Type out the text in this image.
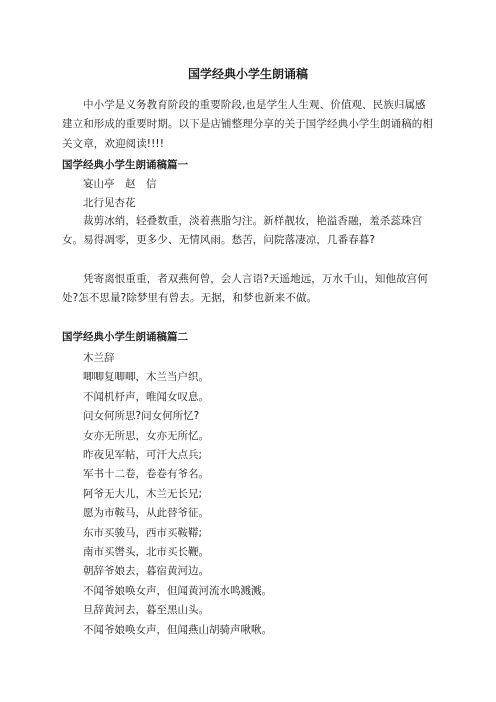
国学经典小学生朗诵稿

中小学是义务教育阶段的重要阶段,也是学生人生观、价值观、民族归属感建立和形成的重要时期。以下是店铺整理分享的关于国学经典小学生朗诵稿的相关文章，欢迎阅读!!!!

国学经典小学生朗诵稿篇一

宴山亭　赵　信

北行见杏花

裁剪冰绡，轻叠数重，淡着燕脂匀注。新样靓妆，艳溢香融，羞杀蕊珠宫女。易得凋零，更多少、无情风雨。愁苦，问院落凄凉，几番春暮?

凭寄离恨重重，者双燕何曾，会人言语?天遥地远，万水千山，知他故宫何处?怎不思量?除梦里有曾去。无据，和梦也新来不做。

国学经典小学生朗诵稿篇二

木兰辞
唧唧复唧唧，木兰当户织。
不闻机杼声，唯闻女叹息。
问女何所思?问女何所忆?
女亦无所思，女亦无所忆。
昨夜见军帖，可汗大点兵;
军书十二卷，卷卷有爷名。
阿爷无大儿，木兰无长兄;
愿为市鞍马，从此替爷征。
东市买骏马，西市买鞍鞯;
南市买辔头，北市买长鞭。
朝辞爷娘去，暮宿黄河边。
不闻爷娘唤女声，但闻黄河流水鸣溅溅。
旦辞黄河去，暮至黑山头。
不闻爷娘唤女声，但闻燕山胡骑声啾啾。
